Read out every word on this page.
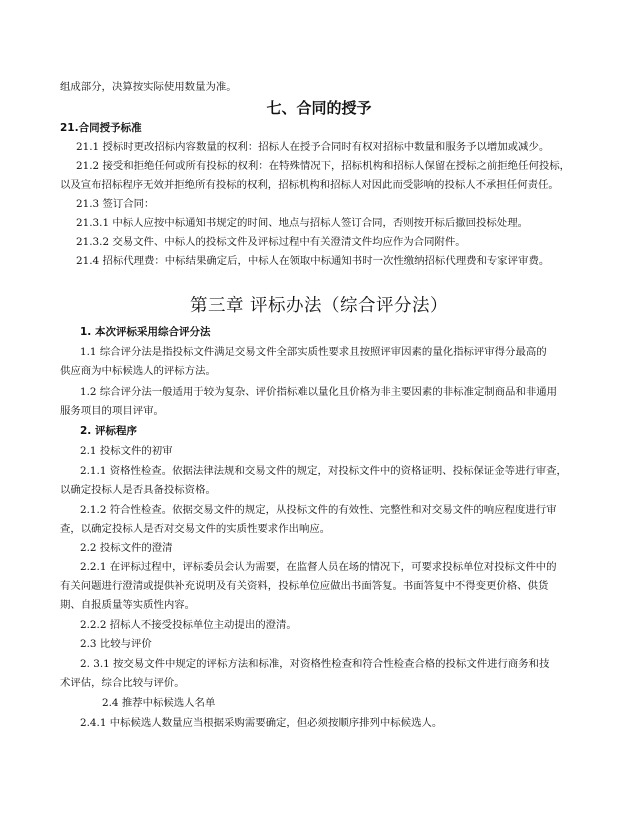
组成部分，决算按实际使用数量为准。
七、合同的授予
21.合同授予标准
21.1 授标时更改招标内容数量的权利：招标人在授予合同时有权对招标中数量和服务予以增加或减少。
21.2 接受和拒绝任何或所有投标的权利：在特殊情况下，招标机构和招标人保留在授标之前拒绝任何投标，
以及宣布招标程序无效并拒绝所有投标的权利，招标机构和招标人对因此而受影响的投标人不承担任何责任。
21.3 签订合同：
21.3.1 中标人应按中标通知书规定的时间、地点与招标人签订合同，否则按开标后撤回投标处理。
21.3.2 交易文件、中标人的投标文件及评标过程中有关澄清文件均应作为合同附件。
21.4 招标代理费：中标结果确定后，中标人在领取中标通知书时一次性缴纳招标代理费和专家评审费。
第三章 评标办法（综合评分法）
1. 本次评标采用综合评分法
1.1 综合评分法是指投标文件满足交易文件全部实质性要求且按照评审因素的量化指标评审得分最高的
供应商为中标候选人的评标方法。
1.2 综合评分法一般适用于较为复杂、评价指标难以量化且价格为非主要因素的非标准定制商品和非通用
服务项目的项目评审。
2. 评标程序
2.1 投标文件的初审
2.1.1 资格性检查。依据法律法规和交易文件的规定，对投标文件中的资格证明、投标保证金等进行审查，
以确定投标人是否具备投标资格。
2.1.2 符合性检查。依据交易文件的规定，从投标文件的有效性、完整性和对交易文件的响应程度进行审
查，以确定投标人是否对交易文件的实质性要求作出响应。
2.2 投标文件的澄清
2.2.1 在评标过程中，评标委员会认为需要，在监督人员在场的情况下，可要求投标单位对投标文件中的
有关问题进行澄清或提供补充说明及有关资料，投标单位应做出书面答复。书面答复中不得变更价格、供货
期、自报质量等实质性内容。
2.2.2 招标人不接受投标单位主动提出的澄清。
2.3 比较与评价
2. 3.1 按交易文件中规定的评标方法和标准，对资格性检查和符合性检查合格的投标文件进行商务和技
术评估，综合比较与评价。
2.4 推荐中标候选人名单
2.4.1 中标候选人数量应当根据采购需要确定，但必须按顺序排列中标候选人。
